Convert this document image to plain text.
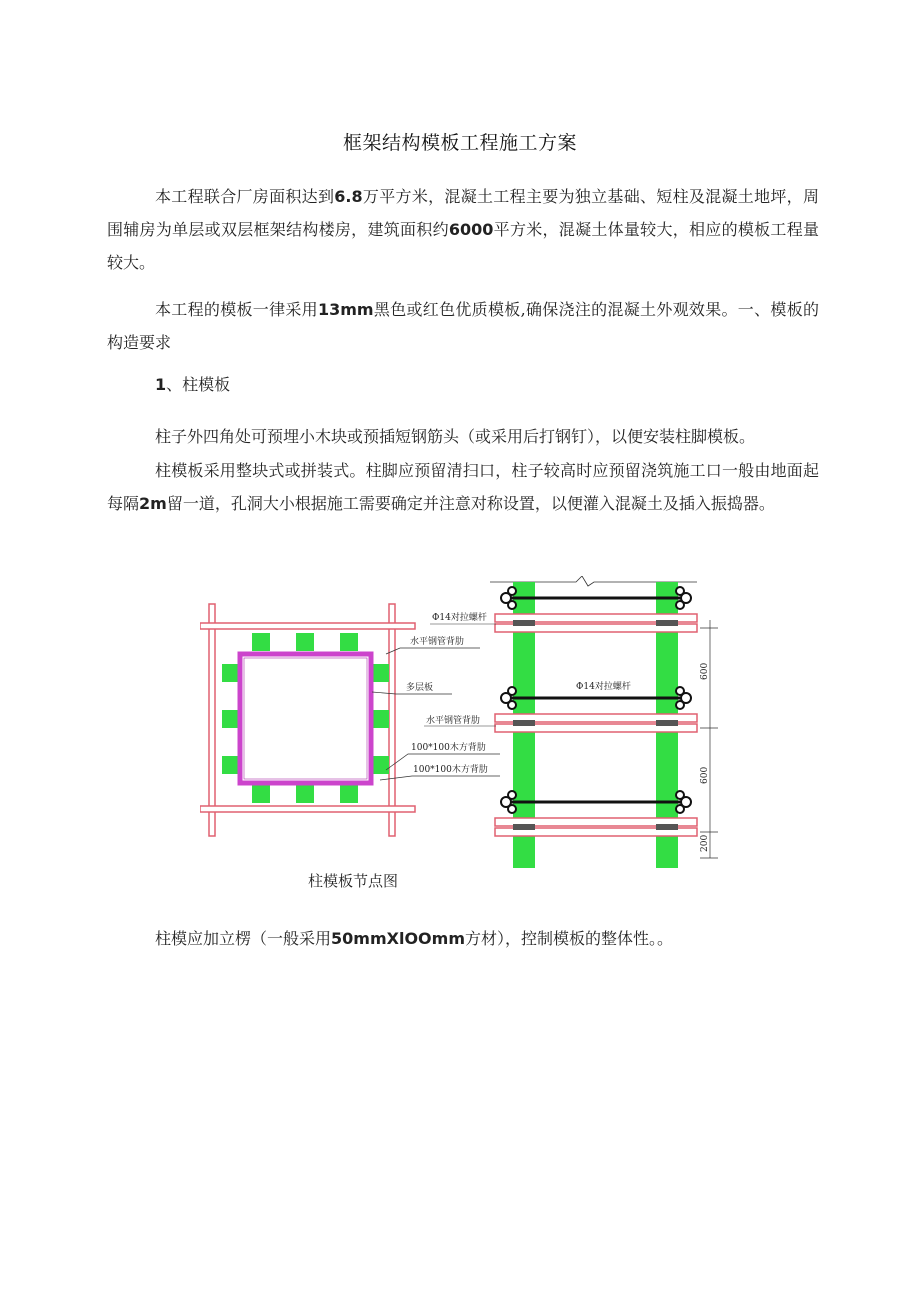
框架结构模板工程施工方案

本工程联合厂房面积达到6.8万平方米，混凝土工程主要为独立基础、短柱及混凝土地坪，周围辅房为单层或双层框架结构楼房，建筑面积约6000平方米，混凝土体量较大，相应的模板工程量较大。

本工程的模板一律采用13mm黑色或红色优质模板,确保浇注的混凝土外观效果。一、模板的构造要求

1、柱模板

柱子外四角处可预埋小木块或预插短钢筋头（或采用后打钢钉），以便安装柱脚模板。

柱模板采用整块式或拼装式。柱脚应预留清扫口，柱子较高时应预留浇筑施工口一般由地面起每隔2m留一道，孔洞大小根据施工需要确定并注意对称设置，以便灌入混凝土及插入振捣器。

水平钢管背肋
多层板
100*100木方背肋
100*100木方背肋
Φ14对拉螺杆
Φ14对拉螺杆
水平钢管背肋
600
600
200
柱模板节点图

柱模应加立楞（一般采用50mmXlOOmm方材），控制模板的整体性。。
